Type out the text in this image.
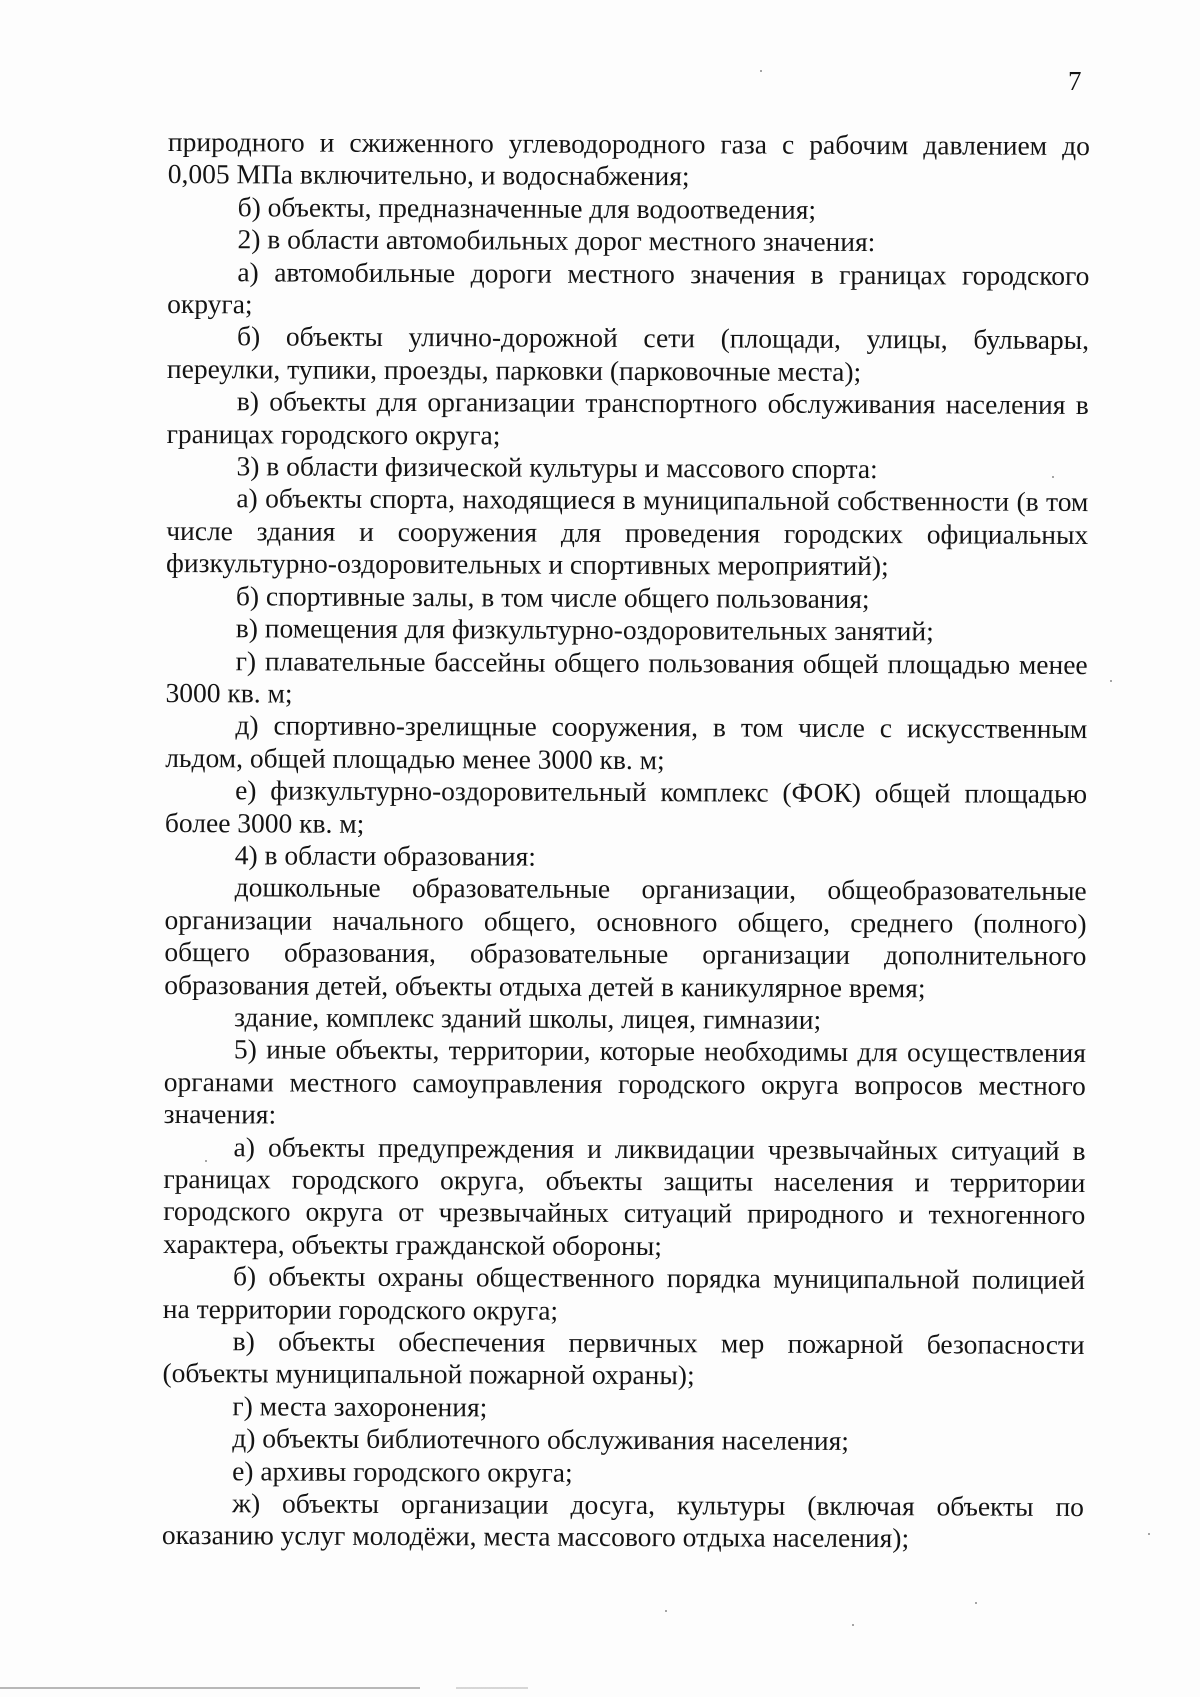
7

природного и сжиженного углеводородного газа с рабочим давлением до 0,005 МПа включительно, и водоснабжения;

б) объекты, предназначенные для водоотведения;

2) в области автомобильных дорог местного значения:

а) автомобильные дороги местного значения в границах городского округа;

б) объекты улично-дорожной сети (площади, улицы, бульвары, переулки, тупики, проезды, парковки (парковочные места);

в) объекты для организации транспортного обслуживания населения в границах городского округа;

3) в области физической культуры и массового спорта:

а) объекты спорта, находящиеся в муниципальной собственности (в том числе здания и сооружения для проведения городских официальных физкультурно-оздоровительных и спортивных мероприятий);

б) спортивные залы, в том числе общего пользования;

в) помещения для физкультурно-оздоровительных занятий;

г) плавательные бассейны общего пользования общей площадью менее 3000 кв. м;

д) спортивно-зрелищные сооружения, в том числе с искусственным льдом, общей площадью менее 3000 кв. м;

е) физкультурно-оздоровительный комплекс (ФОК) общей площадью более 3000 кв. м;

4) в области образования:

дошкольные образовательные организации, общеобразовательные организации начального общего, основного общего, среднего (полного) общего образования, образовательные организации дополнительного образования детей, объекты отдыха детей в каникулярное время;

здание, комплекс зданий школы, лицея, гимназии;

5) иные объекты, территории, которые необходимы для осуществления органами местного самоуправления городского округа вопросов местного значения:

а) объекты предупреждения и ликвидации чрезвычайных ситуаций в границах городского округа, объекты защиты населения и территории городского округа от чрезвычайных ситуаций природного и техногенного характера, объекты гражданской обороны;

б) объекты охраны общественного порядка муниципальной полицией на территории городского округа;

в) объекты обеспечения первичных мер пожарной безопасности (объекты муниципальной пожарной охраны);

г) места захоронения;

д) объекты библиотечного обслуживания населения;

е) архивы городского округа;

ж) объекты организации досуга, культуры (включая объекты по оказанию услуг молодёжи, места массового отдыха населения);
